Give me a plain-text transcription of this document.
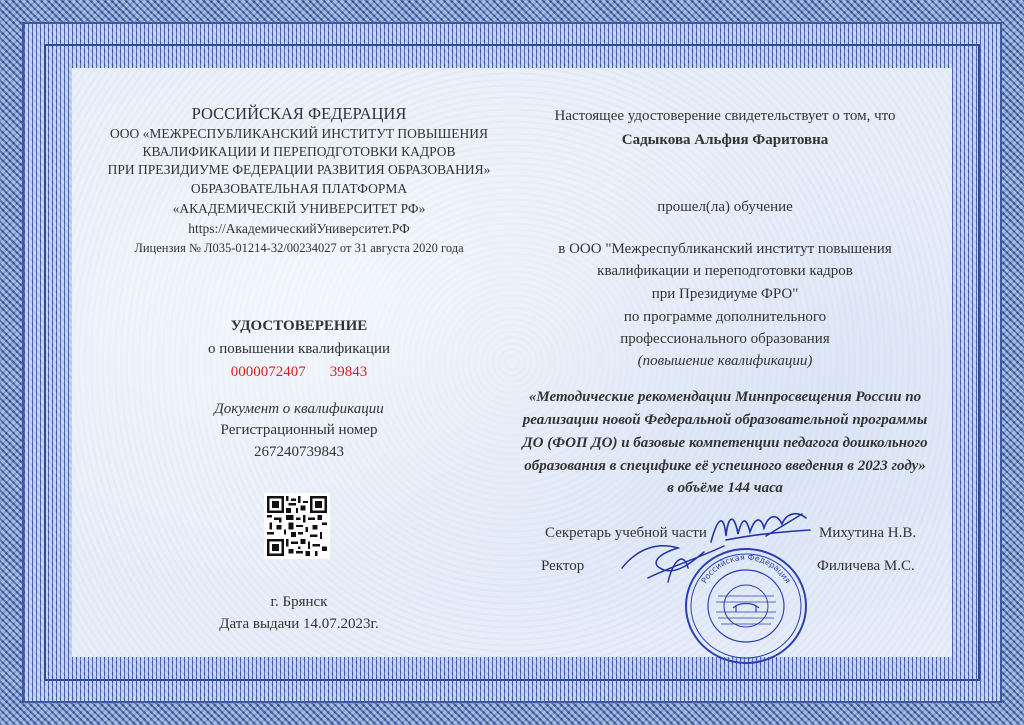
РОССИЙСКАЯ ФЕДЕРАЦИЯ
ООО «МЕЖРЕСПУБЛИКАНСКИЙ ИНСТИТУТ ПОВЫШЕНИЯ
КВАЛИФИКАЦИИ И ПЕРЕПОДГОТОВКИ КАДРОВ
ПРИ ПРЕЗИДИУМЕ ФЕДЕРАЦИИ РАЗВИТИЯ ОБРАЗОВАНИЯ»
ОБРАЗОВАТЕЛЬНАЯ ПЛАТФОРМА
«АКАДЕМИЧЕСКIЙ УНИВЕРСИТЕТ РФ»
https://АкадемическийУниверситет.РФ
Лицензия № Л035-01214-32/00234027 от 31 августа 2020 года
УДОСТОВЕРЕНИЕ
о повышении квалификации
0000072407 39843
Документ о квалификации
Регистрационный номер
267240739843
г. Брянск
Дата выдачи 14.07.2023г.
Настоящее удостоверение свидетельствует о том, что
Садыкова Альфия Фаритовна
прошел(ла) обучение
в ООО "Межреспубликанский институт повышения
квалификации и переподготовки кадров
при Президиуме ФРО"
по программе дополнительного
профессионального образования
(повышение квалификации)
«Методические рекомендации Минпросвещения России по
реализации новой Федеральной образовательной программы
ДО (ФОП ДО) и базовые компетенции педагога дошкольного
образования в специфике её успешного введения в 2023 году»
в объёме 144 часа
Секретарь учебной части	Михутина Н.В.
Ректор	Филичева М.С.
Российская Федерация
